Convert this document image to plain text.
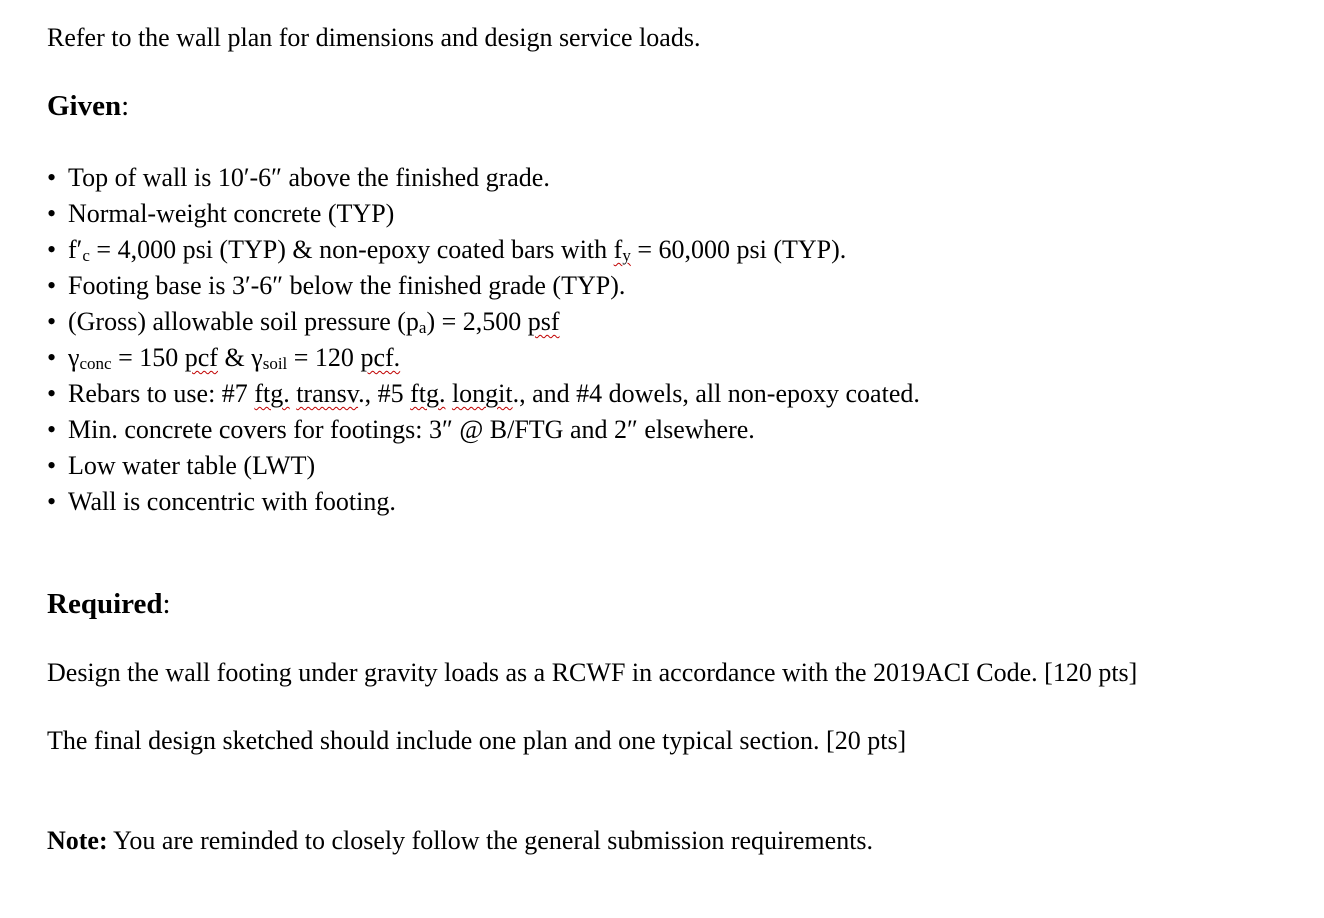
Refer to the wall plan for dimensions and design service loads.
Given:
• Top of wall is 10′-6″ above the finished grade.
• Normal-weight concrete (TYP)
• $f'_c = 4,000$ psi (TYP) & non-epoxy coated bars with $f_y = 60,000$ psi (TYP).
• Footing base is 3′-6″ below the finished grade (TYP).
• (Gross) allowable soil pressure $(p_a) = 2,500$ psf
• $\gamma_{conc} = 150$ pcf & $\gamma_{soil} = 120$ pcf.
• Rebars to use: #7 ftg. transv., #5 ftg. longit., and #4 dowels, all non-epoxy coated.
• Min. concrete covers for footings: 3″ @ B/FTG and 2″ elsewhere.
• Low water table (LWT)
• Wall is concentric with footing.
Required:
Design the wall footing under gravity loads as a RCWF in accordance with the 2019ACI Code. [120 pts]
The final design sketched should include one plan and one typical section. [20 pts]
Note: You are reminded to closely follow the general submission requirements.
